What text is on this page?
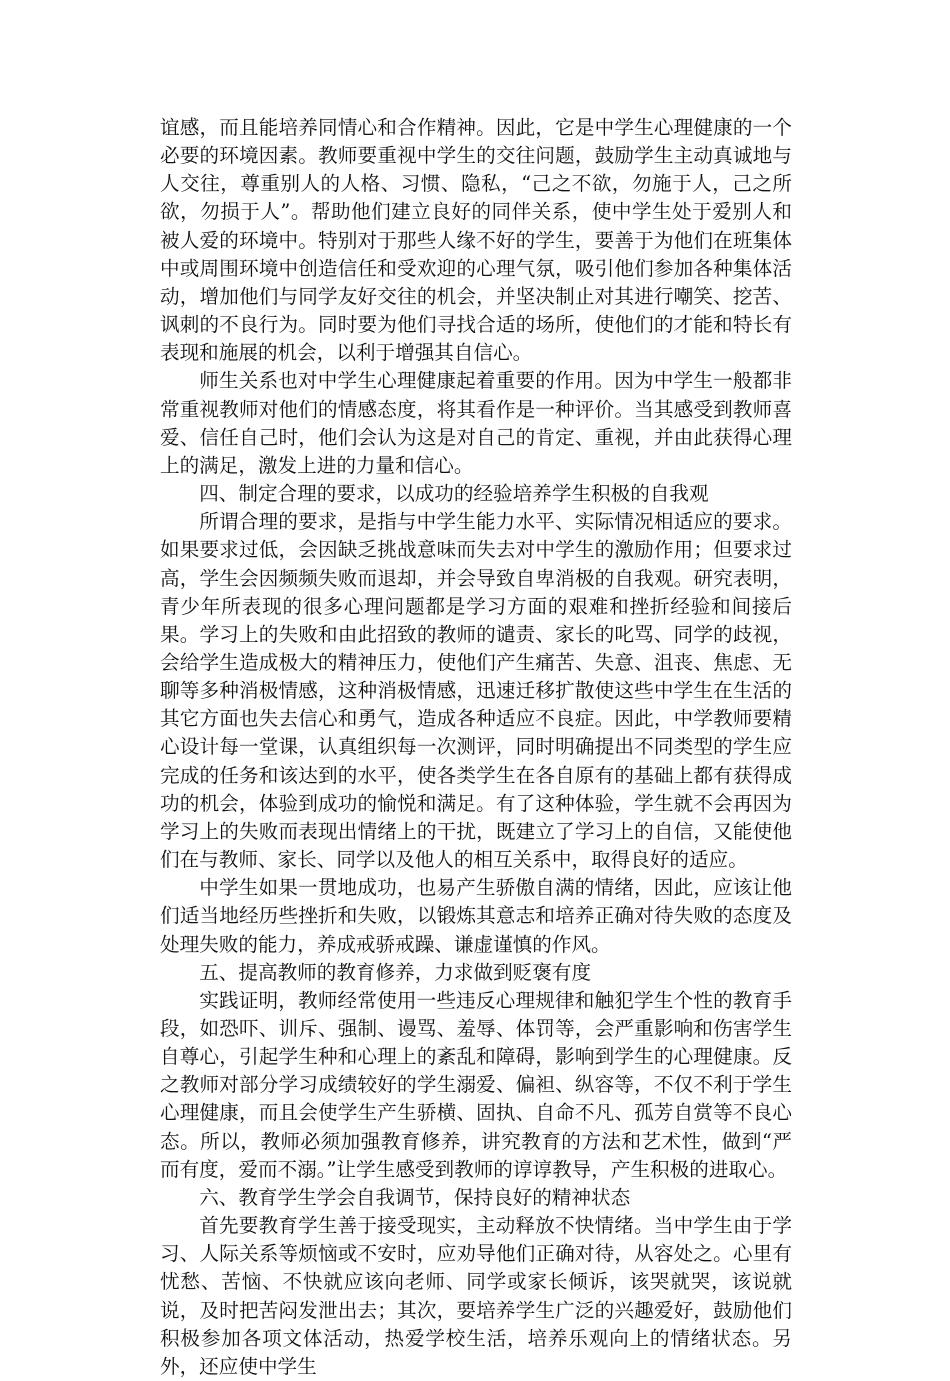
谊感，而且能培养同情心和合作精神。因此，它是中学生心理健康的一个必要的环境因素。教师要重视中学生的交往问题，鼓励学生主动真诚地与人交往，尊重别人的人格、习惯、隐私，“己之不欲，勿施于人，己之所欲，勿损于人”。帮助他们建立良好的同伴关系，使中学生处于爱别人和被人爱的环境中。特别对于那些人缘不好的学生，要善于为他们在班集体中或周围环境中创造信任和受欢迎的心理气氛，吸引他们参加各种集体活动，增加他们与同学友好交往的机会，并坚决制止对其进行嘲笑、挖苦、讽刺的不良行为。同时要为他们寻找合适的场所，使他们的才能和特长有表现和施展的机会，以利于增强其自信心。

师生关系也对中学生心理健康起着重要的作用。因为中学生一般都非常重视教师对他们的情感态度，将其看作是一种评价。当其感受到教师喜爱、信任自己时，他们会认为这是对自己的肯定、重视，并由此获得心理上的满足，激发上进的力量和信心。

四、制定合理的要求，以成功的经验培养学生积极的自我观

所谓合理的要求，是指与中学生能力水平、实际情况相适应的要求。如果要求过低，会因缺乏挑战意味而失去对中学生的激励作用；但要求过高，学生会因频频失败而退却，并会导致自卑消极的自我观。研究表明，青少年所表现的很多心理问题都是学习方面的艰难和挫折经验和间接后果。学习上的失败和由此招致的教师的谴责、家长的叱骂、同学的歧视，会给学生造成极大的精神压力，使他们产生痛苦、失意、沮丧、焦虑、无聊等多种消极情感，这种消极情感，迅速迁移扩散使这些中学生在生活的其它方面也失去信心和勇气，造成各种适应不良症。因此，中学教师要精心设计每一堂课，认真组织每一次测评，同时明确提出不同类型的学生应完成的任务和该达到的水平，使各类学生在各自原有的基础上都有获得成功的机会，体验到成功的愉悦和满足。有了这种体验，学生就不会再因为学习上的失败而表现出情绪上的干扰，既建立了学习上的自信，又能使他们在与教师、家长、同学以及他人的相互关系中，取得良好的适应。

中学生如果一贯地成功，也易产生骄傲自满的情绪，因此，应该让他们适当地经历些挫折和失败，以锻炼其意志和培养正确对待失败的态度及处理失败的能力，养成戒骄戒躁、谦虚谨慎的作风。

五、提高教师的教育修养，力求做到贬褒有度

实践证明，教师经常使用一些违反心理规律和触犯学生个性的教育手段，如恐吓、训斥、强制、谩骂、羞辱、体罚等，会严重影响和伤害学生自尊心，引起学生种和心理上的紊乱和障碍，影响到学生的心理健康。反之教师对部分学习成绩较好的学生溺爱、偏袒、纵容等，不仅不利于学生心理健康，而且会使学生产生骄横、固执、自命不凡、孤芳自赏等不良心态。所以，教师必须加强教育修养，讲究教育的方法和艺术性，做到“严而有度，爱而不溺。”让学生感受到教师的谆谆教导，产生积极的进取心。

六、教育学生学会自我调节，保持良好的精神状态

首先要教育学生善于接受现实，主动释放不快情绪。当中学生由于学习、人际关系等烦恼或不安时，应劝导他们正确对待，从容处之。心里有忧愁、苦恼、不快就应该向老师、同学或家长倾诉，该哭就哭，该说就说，及时把苦闷发泄出去；其次，要培养学生广泛的兴趣爱好，鼓励他们积极参加各项文体活动，热爱学校生活，培养乐观向上的情绪状态。另外，还应使中学生
